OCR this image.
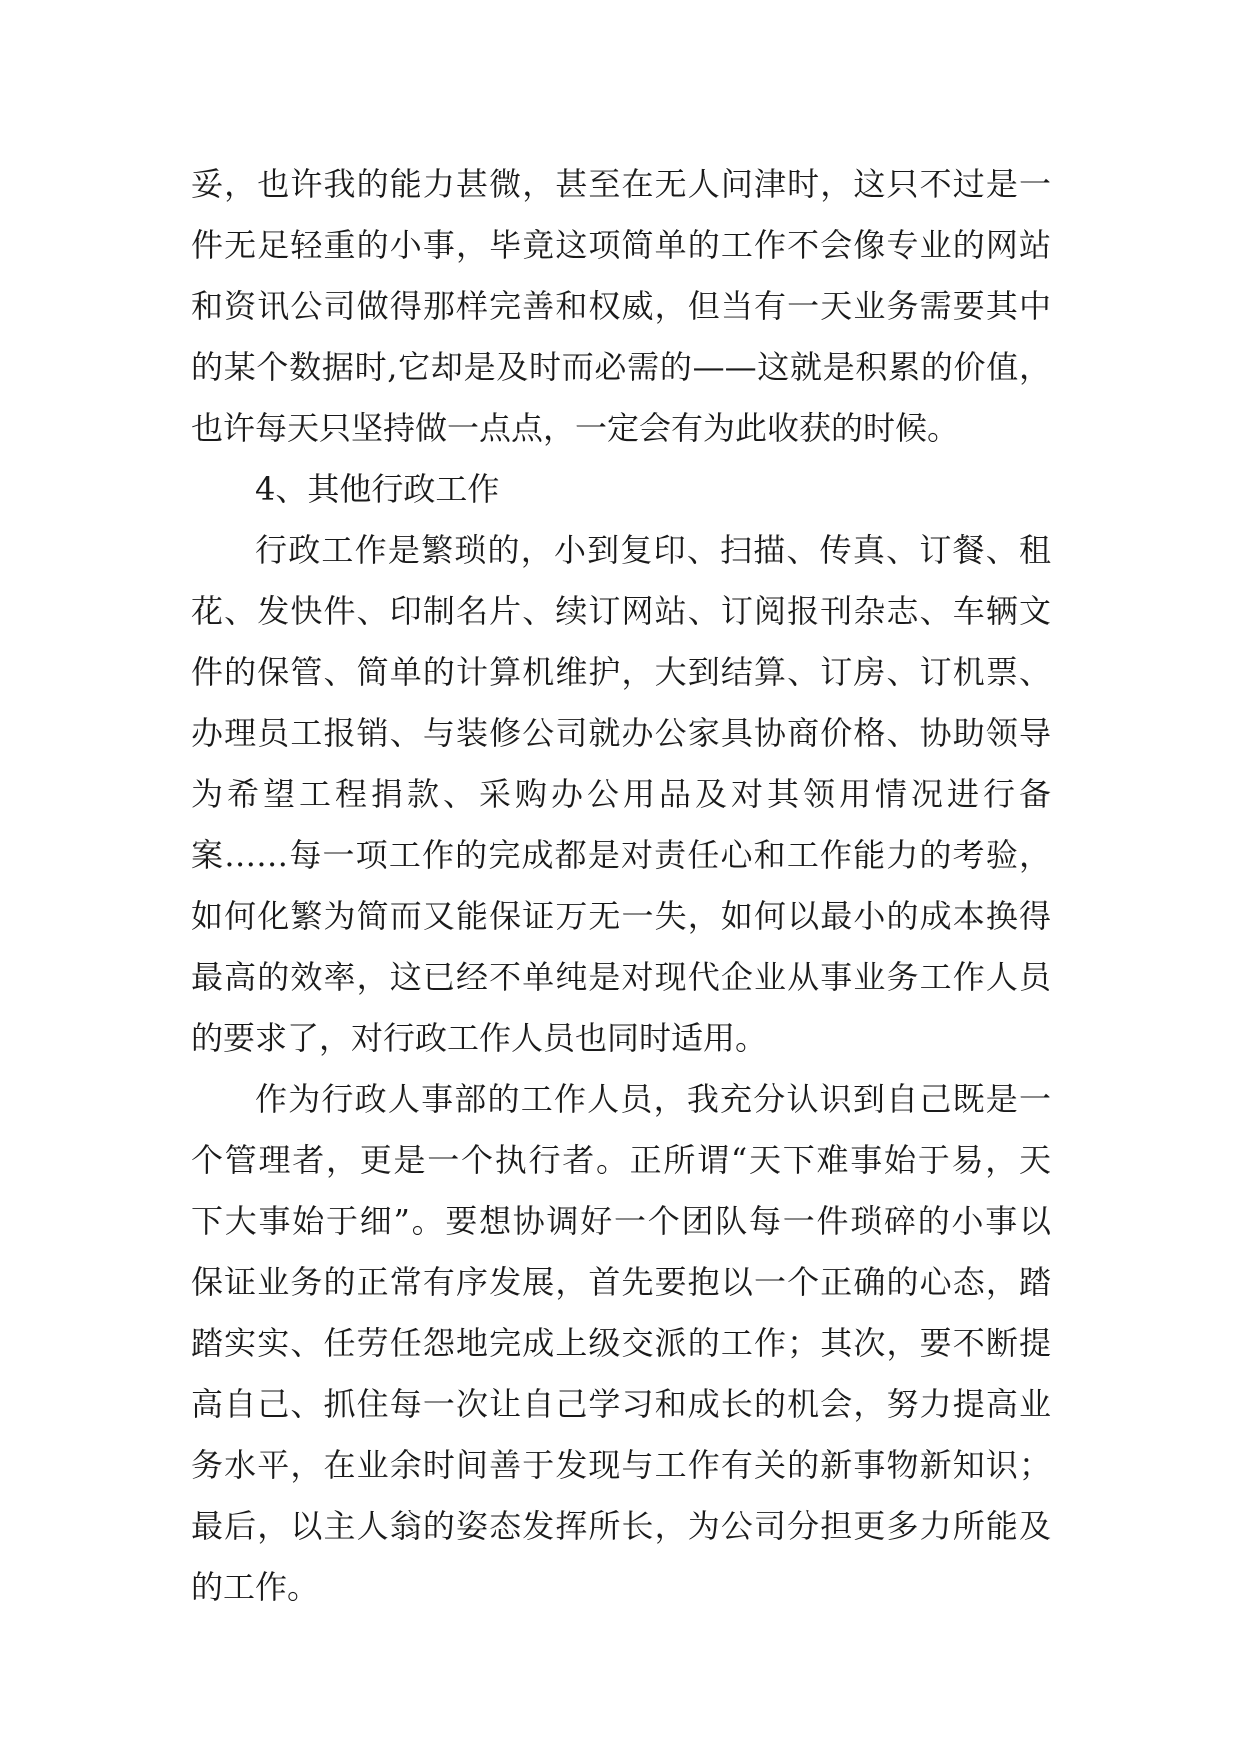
妥，也许我的能力甚微，甚至在无人问津时，这只不过是一
件无足轻重的小事，毕竟这项简单的工作不会像专业的网站
和资讯公司做得那样完善和权威，但当有一天业务需要其中
的某个数据时,它却是及时而必需的——这就是积累的价值，
也许每天只坚持做一点点，一定会有为此收获的时候。
4、其他行政工作
行政工作是繁琐的，小到复印、扫描、传真、订餐、租
花、发快件、印制名片、续订网站、订阅报刊杂志、车辆文
件的保管、简单的计算机维护，大到结算、订房、订机票、
办理员工报销、与装修公司就办公家具协商价格、协助领导
为希望工程捐款、采购办公用品及对其领用情况进行备
案……每一项工作的完成都是对责任心和工作能力的考验，
如何化繁为简而又能保证万无一失，如何以最小的成本换得
最高的效率，这已经不单纯是对现代企业从事业务工作人员
的要求了，对行政工作人员也同时适用。
作为行政人事部的工作人员，我充分认识到自己既是一
个管理者，更是一个执行者。正所谓“天下难事始于易，天
下大事始于细”。要想协调好一个团队每一件琐碎的小事以
保证业务的正常有序发展，首先要抱以一个正确的心态，踏
踏实实、任劳任怨地完成上级交派的工作；其次，要不断提
高自己、抓住每一次让自己学习和成长的机会，努力提高业
务水平，在业余时间善于发现与工作有关的新事物新知识；
最后，以主人翁的姿态发挥所长，为公司分担更多力所能及
的工作。
